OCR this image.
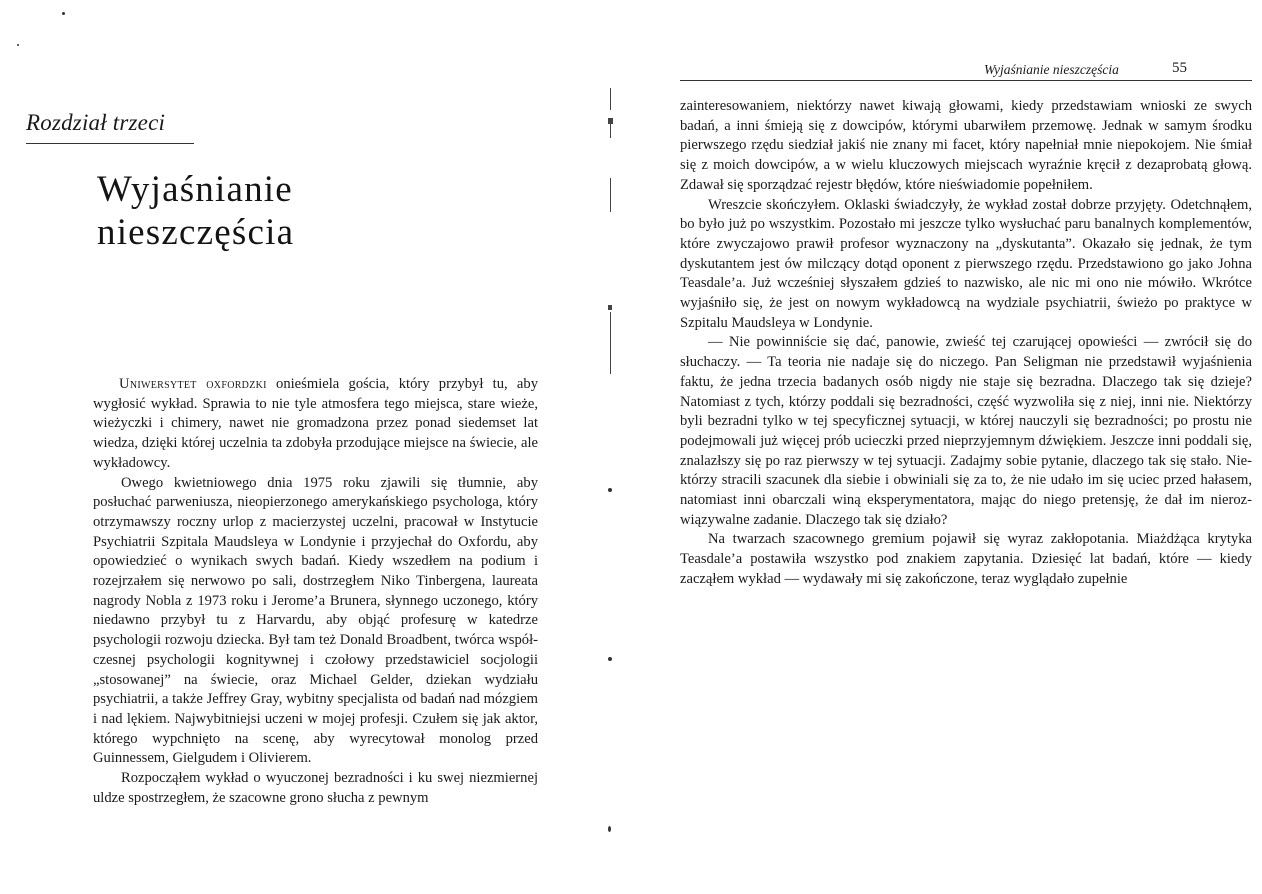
Rozdział trzeci
Wyjaśnianie
nieszczęścia

Uniwersytet oxfordzki onieśmiela gościa, który przybył tu, aby wygłosić wykład. Sprawia to nie tyle atmosfera tego miejsca, stare wieże, wieżyczki i chimery, nawet nie gromadzona przez ponad siedemset lat wiedza, dzięki której uczelnia ta zdobyła przodujące miejsce na świecie, ale wykładowcy.

Owego kwietniowego dnia 1975 roku zjawili się tłumnie, aby posłuchać parweniusza, nieopierzonego amerykańskiego psychologa, który otrzymawszy roczny urlop z macierzystej uczelni, pracował w Instytucie Psychiatrii Szpitala Maudsleya w Londynie i przyjechał do Oxfordu, aby opowiedzieć o wynikach swych badań. Kiedy wszedłem na podium i rozejrzałem się nerwowo po sali, dostrzegłem Niko Tinbergena, laureata nagrody Nobla z 1973 roku i Jerome’a Brunera, słynnego uczonego, który niedawno przybył tu z Harvardu, aby objąć profesurę w katedrze psychologii rozwoju dziecka. Był tam też Donald Broadbent, twórca współczesnej psychologii kognitywnej i czołowy przedstawiciel socjologii „stosowanej” na świecie, oraz Michael Gelder, dziekan wydziału psychiatrii, a także Jeffrey Gray, wybitny specjalista od badań nad mózgiem i nad lękiem. Najwybitniejsi uczeni w mojej profesji. Czułem się jak aktor, którego wypchnięto na scenę, aby wyrecytował monolog przed Guinnessem, Gielgudem i Olivierem.

Rozpocząłem wykład o wyuczonej bezradności i ku swej niezmiernej uldze spostrzegłem, że szacowne grono słucha z pewnym

Wyjaśnianie nieszczęścia	55

zainteresowaniem, niektórzy nawet kiwają głowami, kiedy przedstawiam wnioski ze swych badań, a inni śmieją się z dowcipów, którymi ubarwiłem przemowę. Jednak w samym środku pierwszego rzędu siedział jakiś nie znany mi facet, który napełniał mnie niepokojem. Nie śmiał się z moich dowcipów, a w wielu kluczowych miejscach wyraźnie kręcił z dezaprobatą głową. Zdawał się sporządzać rejestr błędów, które nieświadomie popełniłem.

Wreszcie skończyłem. Oklaski świadczyły, że wykład został dobrze przyjęty. Odetchnąłem, bo było już po wszystkim. Pozostało mi jeszcze tylko wysłuchać paru banalnych komplementów, które zwyczajowo prawił profesor wyznaczony na „dyskutanta”. Okazało się jednak, że tym dyskutantem jest ów milczący dotąd oponent z pierwszego rzędu. Przedstawiono go jako Johna Teasdale’a. Już wcześniej słyszałem gdzieś to nazwisko, ale nic mi ono nie mówiło. Wkrótce wyjaśniło się, że jest on nowym wykładowcą na wydziale psychiatrii, świeżo po praktyce w Szpitalu Maudsleya w Londynie.

— Nie powinniście się dać, panowie, zwieść tej czarującej opowieści — zwrócił się do słuchaczy. — Ta teoria nie nadaje się do niczego. Pan Seligman nie przedstawił wyjaśnienia faktu, że jedna trzecia badanych osób nigdy nie staje się bezradna. Dlaczego tak się dzieje? Natomiast z tych, którzy poddali się bezradności, część wyzwoliła się z niej, inni nie. Niektórzy byli bezradni tylko w tej specyficznej sytuacji, w której nauczyli się bezradności; po prostu nie podejmowali już więcej prób ucieczki przed nieprzyjemnym dźwiękiem. Jeszcze inni poddali się, znalazłszy się po raz pierwszy w tej sytuacji. Zadajmy sobie pytanie, dlaczego tak się stało. Niektórzy stracili szacunek dla siebie i obwiniali się za to, że nie udało im się uciec przed hałasem, natomiast inni obarczali winą eksperymentatora, mając do niego pretensję, że dał im nierozwiązywalne zadanie. Dlaczego tak się działo?

Na twarzach szacownego gremium pojawił się wyraz zakłopotania. Miażdżąca krytyka Teasdale’a postawiła wszystko pod znakiem zapytania. Dziesięć lat badań, które — kiedy zacząłem wykład — wydawały mi się zakończone, teraz wyglądało zupełnie
